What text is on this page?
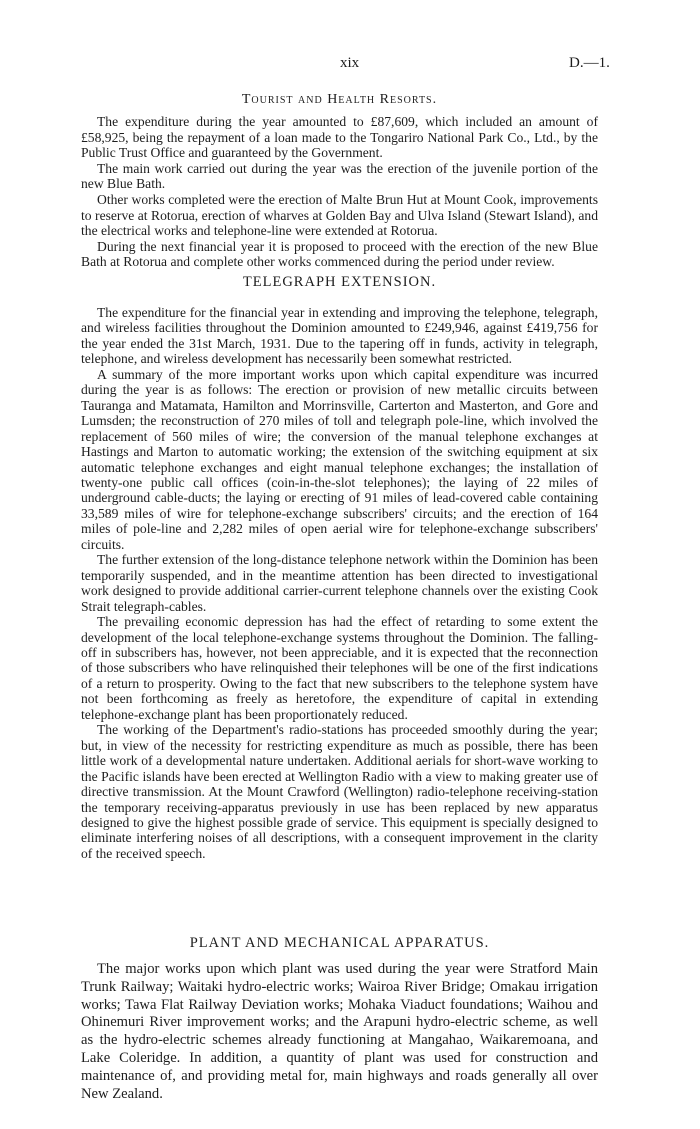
xix	D.—1.
Tourist and Health Resorts.

The expenditure during the year amounted to £87,609, which included an amount of £58,925, being the repayment of a loan made to the Tongariro National Park Co., Ltd., by the Public Trust Office and guaranteed by the Government.

The main work carried out during the year was the erection of the juvenile portion of the new Blue Bath.

Other works completed were the erection of Malte Brun Hut at Mount Cook, improvements to reserve at Rotorua, erection of wharves at Golden Bay and Ulva Island (Stewart Island), and the electrical works and telephone-line were extended at Rotorua.

During the next financial year it is proposed to proceed with the erection of the new Blue Bath at Rotorua and complete other works commenced during the period under review.

TELEGRAPH EXTENSION.

The expenditure for the financial year in extending and improving the telephone, telegraph, and wireless facilities throughout the Dominion amounted to £249,946, against £419,756 for the year ended the 31st March, 1931. Due to the tapering off in funds, activity in telegraph, telephone, and wireless development has necessarily been somewhat restricted.

A summary of the more important works upon which capital expenditure was incurred during the year is as follows: The erection or provision of new metallic circuits between Tauranga and Matamata, Hamilton and Morrinsville, Carterton and Masterton, and Gore and Lumsden; the reconstruction of 270 miles of toll and telegraph pole-line, which involved the replacement of 560 miles of wire; the conversion of the manual telephone exchanges at Hastings and Marton to automatic working; the extension of the switching equipment at six automatic telephone exchanges and eight manual telephone exchanges; the installation of twenty-one public call offices (coin-in-the-slot telephones); the laying of 22 miles of underground cable-ducts; the laying or erecting of 91 miles of lead-covered cable containing 33,589 miles of wire for telephone-exchange subscribers' circuits; and the erection of 164 miles of pole-line and 2,282 miles of open aerial wire for telephone-exchange subscribers' circuits.

The further extension of the long-distance telephone network within the Dominion has been temporarily suspended, and in the meantime attention has been directed to investigational work designed to provide additional carrier-current telephone channels over the existing Cook Strait telegraph-cables.

The prevailing economic depression has had the effect of retarding to some extent the development of the local telephone-exchange systems throughout the Dominion. The falling-off in subscribers has, however, not been appreciable, and it is expected that the reconnection of those subscribers who have relinquished their telephones will be one of the first indications of a return to prosperity. Owing to the fact that new subscribers to the telephone system have not been forthcoming as freely as heretofore, the expenditure of capital in extending telephone-exchange plant has been proportionately reduced.

The working of the Department's radio-stations has proceeded smoothly during the year; but, in view of the necessity for restricting expenditure as much as possible, there has been little work of a developmental nature undertaken. Additional aerials for short-wave working to the Pacific islands have been erected at Wellington Radio with a view to making greater use of directive transmission. At the Mount Crawford (Wellington) radio-telephone receiving-station the temporary receiving-apparatus previously in use has been replaced by new apparatus designed to give the highest possible grade of service. This equipment is specially designed to eliminate interfering noises of all descriptions, with a consequent improvement in the clarity of the received speech.

PLANT AND MECHANICAL APPARATUS.

The major works upon which plant was used during the year were Stratford Main Trunk Railway; Waitaki hydro-electric works; Wairoa River Bridge; Omakau irrigation works; Tawa Flat Railway Deviation works; Mohaka Viaduct foundations; Waihou and Ohinemuri River improvement works; and the Arapuni hydro-electric scheme, as well as the hydro-electric schemes already functioning at Mangahao, Waikaremoana, and Lake Coleridge. In addition, a quantity of plant was used for construction and maintenance of, and providing metal for, main highways and roads generally all over New Zealand.
